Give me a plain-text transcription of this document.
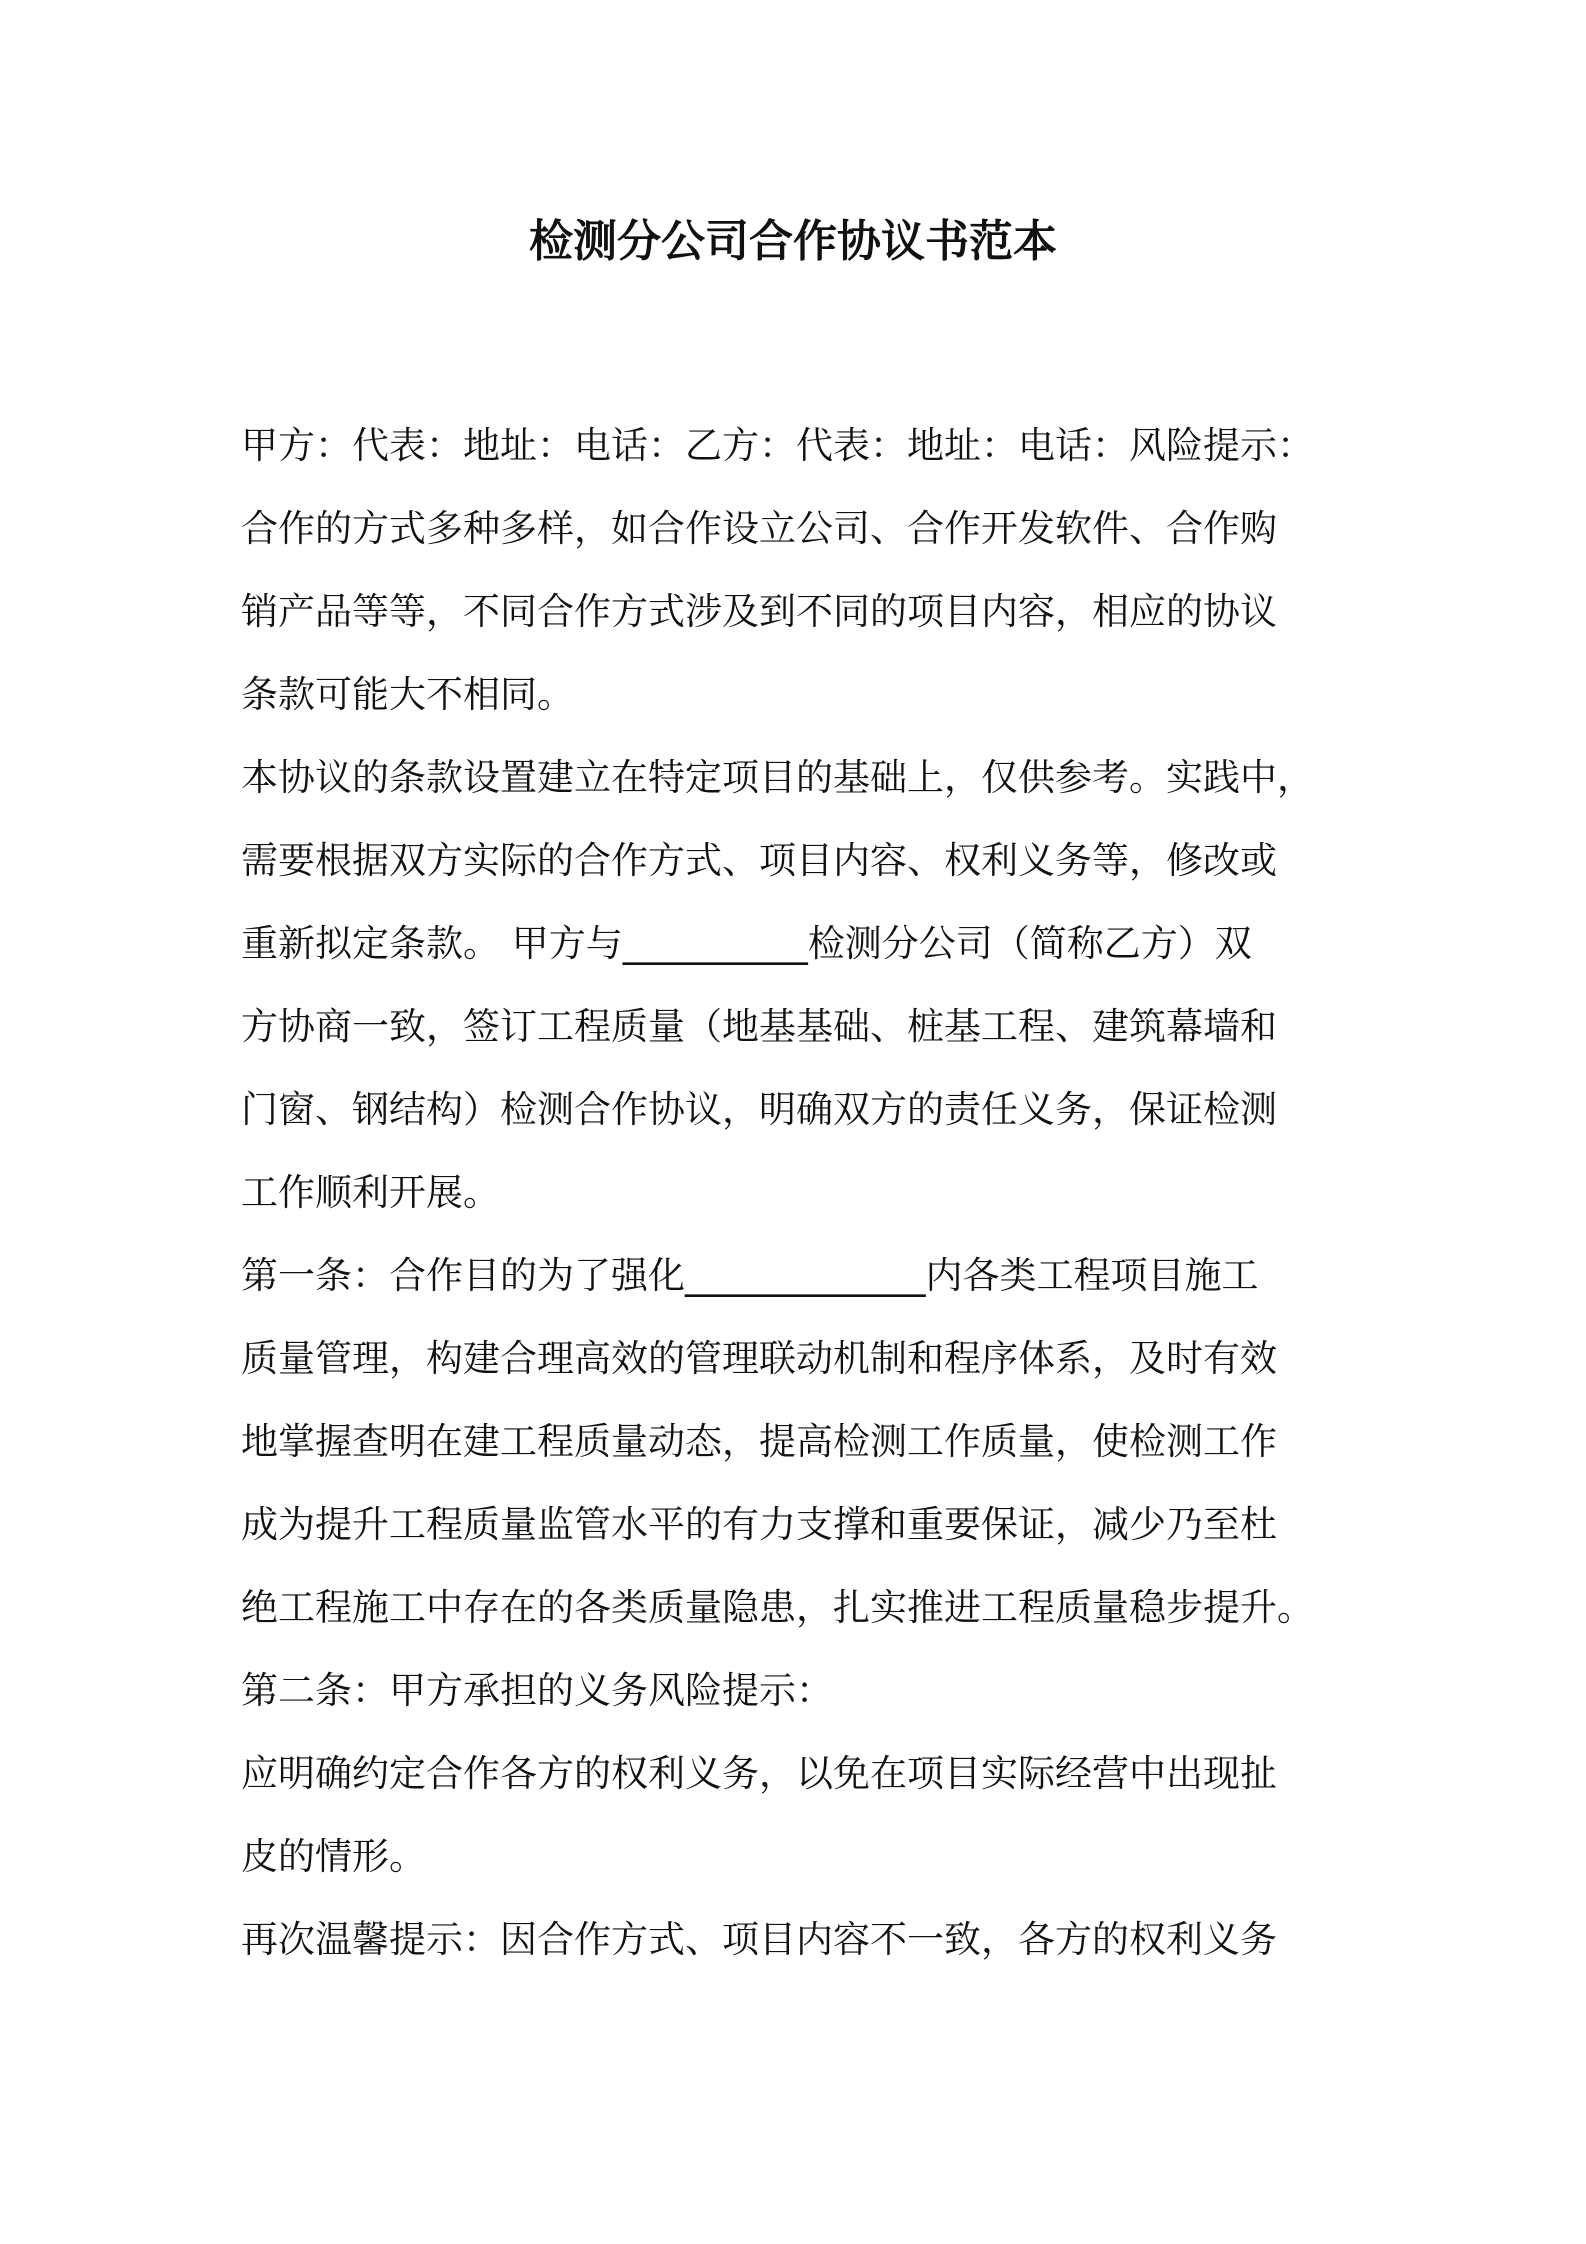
检测分公司合作协议书范本
甲方：代表：地址：电话：乙方：代表：地址：电话：风险提示：
合作的方式多种多样，如合作设立公司、合作开发软件、合作购
销产品等等，不同合作方式涉及到不同的项目内容，相应的协议
条款可能大不相同。
本协议的条款设置建立在特定项目的基础上，仅供参考。实践中，
需要根据双方实际的合作方式、项目内容、权利义务等，修改或
重新拟定条款。 甲方与__________检测分公司（简称乙方）双
方协商一致，签订工程质量（地基基础、桩基工程、建筑幕墙和
门窗、钢结构）检测合作协议，明确双方的责任义务，保证检测
工作顺利开展。
第一条：合作目的为了强化_____________内各类工程项目施工
质量管理，构建合理高效的管理联动机制和程序体系，及时有效
地掌握查明在建工程质量动态，提高检测工作质量，使检测工作
成为提升工程质量监管水平的有力支撑和重要保证，减少乃至杜
绝工程施工中存在的各类质量隐患，扎实推进工程质量稳步提升。
第二条：甲方承担的义务风险提示：
应明确约定合作各方的权利义务，以免在项目实际经营中出现扯
皮的情形。
再次温馨提示：因合作方式、项目内容不一致，各方的权利义务
